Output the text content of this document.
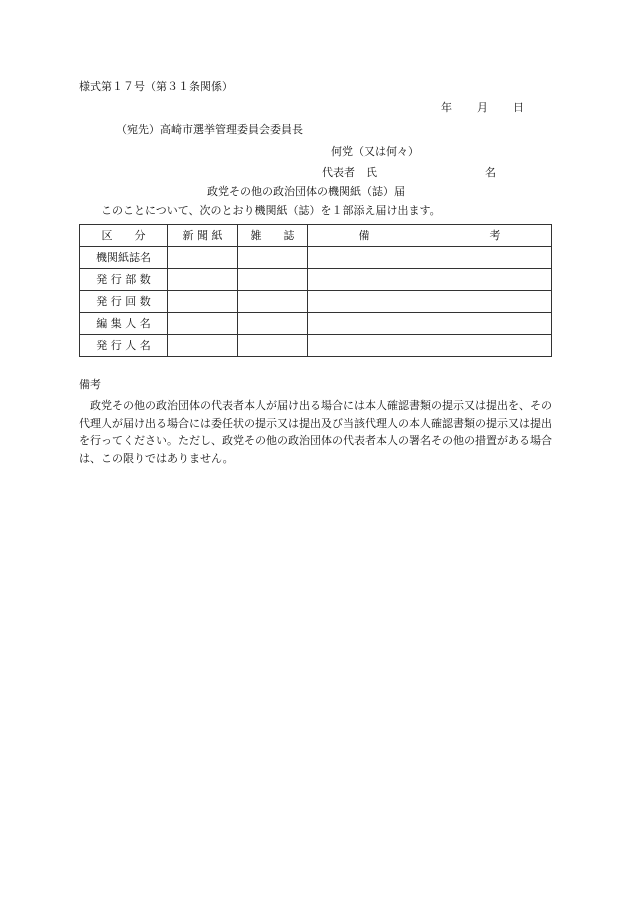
様式第１７号（第３１条関係）
年 月 日
（宛先）高崎市選挙管理委員会委員長
何党（又は何々）
代表者　氏	名
政党その他の政治団体の機関紙（誌）届
このことについて、次のとおり機関紙（誌）を１部添え届け出ます。
区　　分	新 聞 紙	雑　　誌	備 考
機関紙誌名			
発 行 部 数			
発 行 回 数			
編 集 人 名			
発 行 人 名			
備考
政党その他の政治団体の代表者本人が届け出る場合には本人確認書類の提示又は提出を、その代理人が届け出る場合には委任状の提示又は提出及び当該代理人の本人確認書類の提示又は提出を行ってください。ただし、政党その他の政治団体の代表者本人の署名その他の措置がある場合は、この限りではありません。
